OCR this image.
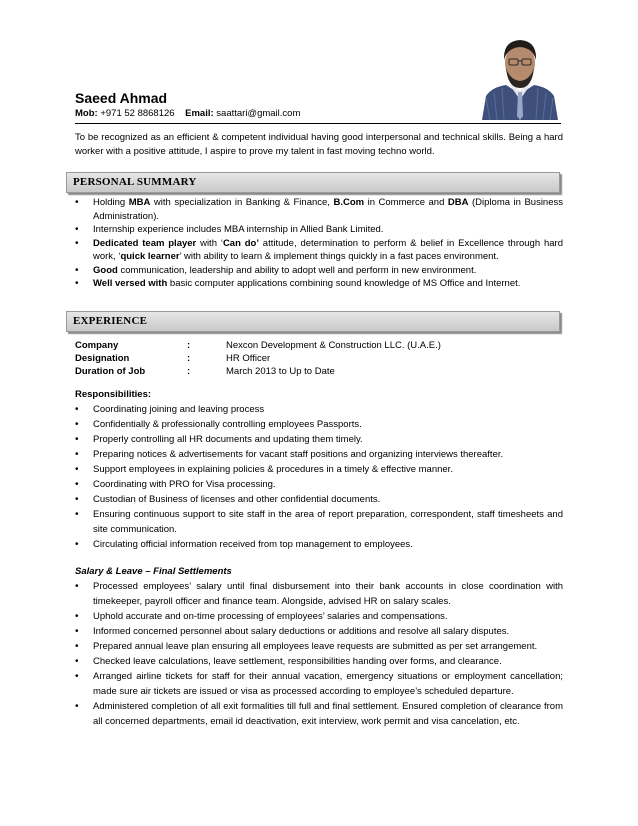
Saeed Ahmad
Mob: +971 52 8868126 Email: saattari@gmail.com
To be recognized as an efficient & competent individual having good interpersonal and technical skills. Being a hard worker with a positive attitude, I aspire to prove my talent in fast moving techno world.
PERSONAL SUMMARY
• Holding MBA with specialization in Banking & Finance, B.Com in Commerce and DBA (Diploma in Business Administration).
• Internship experience includes MBA internship in Allied Bank Limited.
• Dedicated team player with ‘Can do’ attitude, determination to perform & belief in Excellence through hard work, ‘quick learner’ with ability to learn & implement things quickly in a fast paces environment.
• Good communication, leadership and ability to adopt well and perform in new environment.
• Well versed with basic computer applications combining sound knowledge of MS Office and Internet.
EXPERIENCE
Company	:	Nexcon Development & Construction LLC. (U.A.E.)
Designation	:	HR Officer
Duration of Job	:	March 2013 to Up to Date
Responsibilities:
• Coordinating joining and leaving process
• Confidentially & professionally controlling employees Passports.
• Properly controlling all HR documents and updating them timely.
• Preparing notices & advertisements for vacant staff positions and organizing interviews thereafter.
• Support employees in explaining policies & procedures in a timely & effective manner.
• Coordinating with PRO for Visa processing.
• Custodian of Business of licenses and other confidential documents.
• Ensuring continuous support to site staff in the area of report preparation, correspondent, staff timesheets and site communication.
• Circulating official information received from top management to employees.
Salary & Leave – Final Settlements
• Processed employees’ salary until final disbursement into their bank accounts in close coordination with timekeeper, payroll officer and finance team. Alongside, advised HR on salary scales.
• Uphold accurate and on-time processing of employees’ salaries and compensations.
• Informed concerned personnel about salary deductions or additions and resolve all salary disputes.
• Prepared annual leave plan ensuring all employees leave requests are submitted as per set arrangement.
• Checked leave calculations, leave settlement, responsibilities handing over forms, and clearance.
• Arranged airline tickets for staff for their annual vacation, emergency situations or employment cancellation; made sure air tickets are issued or visa as processed according to employee’s scheduled departure.
• Administered completion of all exit formalities till full and final settlement. Ensured completion of clearance from all concerned departments, email id deactivation, exit interview, work permit and visa cancelation, etc.
